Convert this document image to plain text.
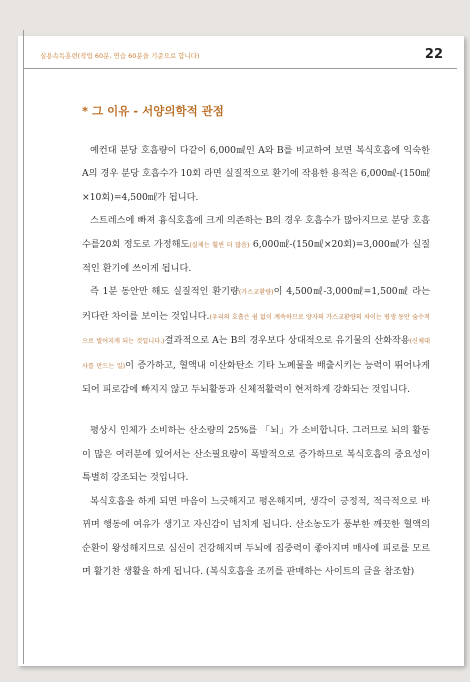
실용속독훈련(작업 60분, 연습 60분을 기준으로 합니다)	22
* 그 이유 - 서양의학적 관점

예컨대 분당 호흡량이 다같이 6,000㎖인 A와 B를 비교하여 보면 복식호흡에 익숙한 A의 경우 분당 호흡수가 10회 라면 실질적으로 환기에 작용한 용적은 6,000㎖-(150㎖×10회)=4,500㎖가 됩니다.

스트레스에 빠져 흉식호흡에 크게 의존하는 B의 경우 호흡수가 많아지므로 분당 호흡수를20회 정도로 가정해도(실제는 훨씬 더 많음) 6,000㎖-(150㎖×20회)=3,000㎖가 실질적인 환기에 쓰이게 됩니다.

즉 1분 동안만 해도 실질적인 환기량(가스교환량)이 4,500㎖-3,000㎖=1,500㎖ 라는 커다란 차이를 보이는 것입니다.(우리의 호흡은 쉼 없이 계속하므로 양자의 가스교환량의 차이는 평생 동안 숨수적으로 벌어지게 되는 것입니다.)결과적으로 A는 B의 경우보다 상대적으로 유기물의 산화작용(신체대사를 만드는 일)이 증가하고, 혈액내 이산화탄소 기타 노폐물을 배출시키는 능력이 뛰어나게 되어 피로감에 빠지지 않고 두뇌활동과 신체적활력이 현저하게 강화되는 것입니다.

평상시 인체가 소비하는 산소량의 25%를 「뇌」가 소비합니다. 그러므로 뇌의 활동이 많은 여러분에 있어서는 산소필요량이 폭발적으로 증가하므로 복식호흡의 중요성이 특별히 강조되는 것입니다.

복식호흡을 하게 되면 마음이 느긋해지고 평온해지며, 생각이 긍정적, 적극적으로 바뀌며 행동에 여유가 생기고 자신감이 넘치게 됩니다. 산소농도가 풍부한 깨끗한 혈액의 순환이 왕성해지므로 심신이 건강해지며 두뇌에 집중력이 좋아지며 매사에 피로를 모르며 활기찬 생활을 하게 됩니다. (복식호흡을 조끼를 판매하는 사이트의 글을 참조함)
